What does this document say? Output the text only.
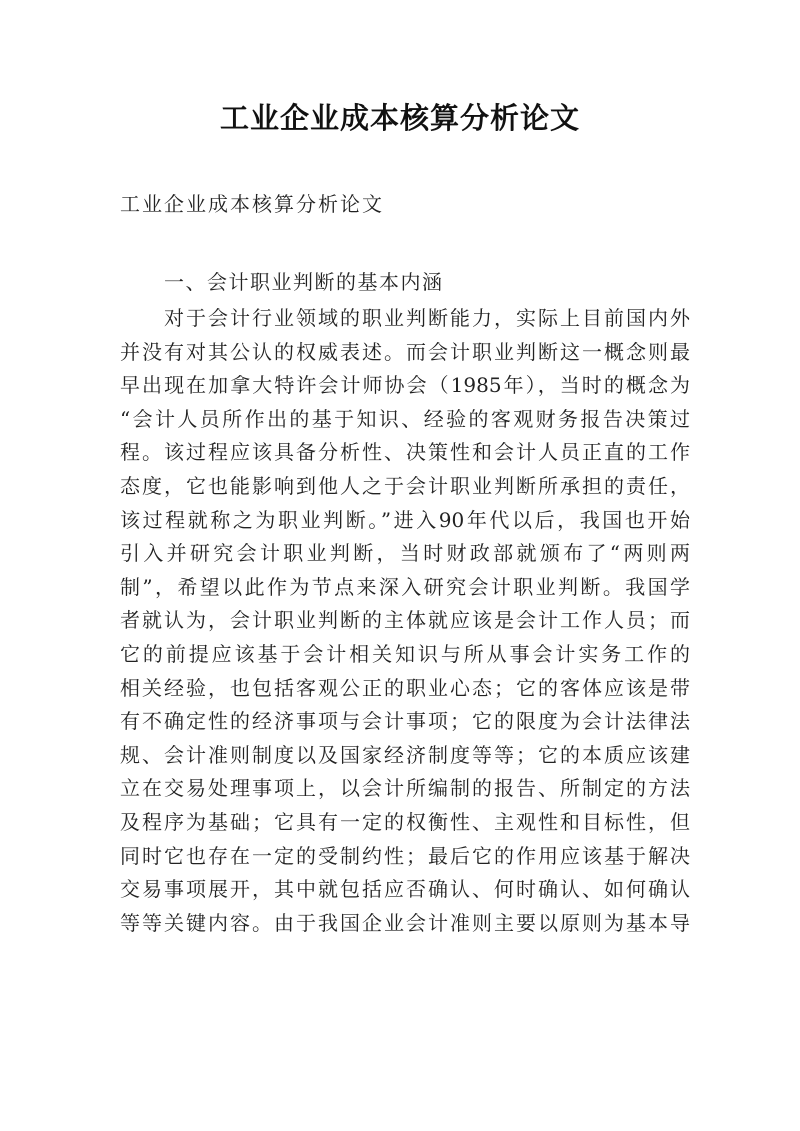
工业企业成本核算分析论文

工业企业成本核算分析论文

一、会计职业判断的基本内涵

对于会计行业领域的职业判断能力，实际上目前国内外
并没有对其公认的权威表述。而会计职业判断这一概念则最
早出现在加拿大特许会计师协会（1985年），当时的概念为
“会计人员所作出的基于知识、经验的客观财务报告决策过
程。该过程应该具备分析性、决策性和会计人员正直的工作
态度，它也能影响到他人之于会计职业判断所承担的责任，
该过程就称之为职业判断。”进入90年代以后，我国也开始
引入并研究会计职业判断，当时财政部就颁布了“两则两
制”，希望以此作为节点来深入研究会计职业判断。我国学
者就认为，会计职业判断的主体就应该是会计工作人员；而
它的前提应该基于会计相关知识与所从事会计实务工作的
相关经验，也包括客观公正的职业心态；它的客体应该是带
有不确定性的经济事项与会计事项；它的限度为会计法律法
规、会计准则制度以及国家经济制度等等；它的本质应该建
立在交易处理事项上，以会计所编制的报告、所制定的方法
及程序为基础；它具有一定的权衡性、主观性和目标性，但
同时它也存在一定的受制约性；最后它的作用应该基于解决
交易事项展开，其中就包括应否确认、何时确认、如何确认
等等关键内容。由于我国企业会计准则主要以原则为基本导
